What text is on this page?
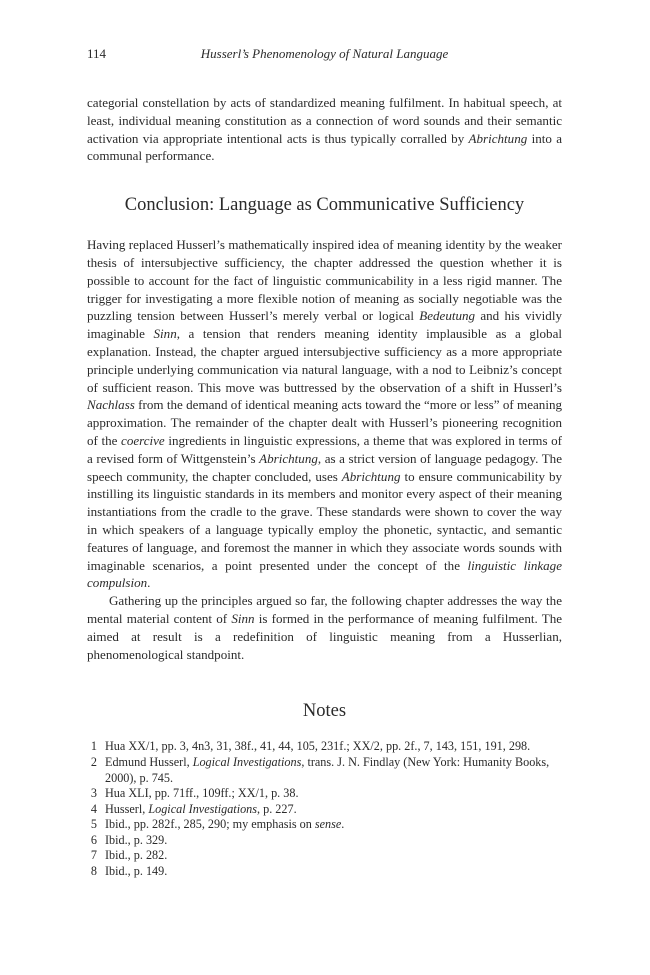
114	Husserl’s Phenomenology of Natural Language

categorial constellation by acts of standardized meaning fulfilment. In habitual speech, at least, individual meaning constitution as a connection of word sounds and their semantic activation via appropriate intentional acts is thus typically corralled by Abrichtung into a communal performance.

Conclusion: Language as Communicative Sufficiency

Having replaced Husserl’s mathematically inspired idea of meaning identity by the weaker thesis of intersubjective sufficiency, the chapter addressed the question whether it is possible to account for the fact of linguistic communicability in a less rigid manner. The trigger for investigating a more flexible notion of meaning as socially negotiable was the puzzling tension between Husserl’s merely verbal or logical Bedeutung and his vividly imaginable Sinn, a tension that renders meaning identity implausible as a global explanation. Instead, the chapter argued intersubjective sufficiency as a more appropriate principle underlying communication via natural language, with a nod to Leibniz’s concept of sufficient reason. This move was buttressed by the observation of a shift in Husserl’s Nachlass from the demand of identical meaning acts toward the “more or less” of meaning approximation. The remainder of the chapter dealt with Husserl’s pioneering recognition of the coercive ingredients in linguistic expressions, a theme that was explored in terms of a revised form of Wittgenstein’s Abrichtung, as a strict version of language pedagogy. The speech community, the chapter concluded, uses Abrichtung to ensure communicability by instilling its linguistic standards in its members and monitor every aspect of their meaning instantiations from the cradle to the grave. These standards were shown to cover the way in which speakers of a language typically employ the phonetic, syntactic, and semantic features of language, and foremost the manner in which they associate words sounds with imaginable scenarios, a point presented under the concept of the linguistic linkage compulsion.

Gathering up the principles argued so far, the following chapter addresses the way the mental material content of Sinn is formed in the performance of meaning fulfilment. The aimed at result is a redefinition of linguistic meaning from a Husserlian, phenomenological standpoint.

Notes
1 Hua XX/1, pp. 3, 4n3, 31, 38f., 41, 44, 105, 231f.; XX/2, pp. 2f., 7, 143, 151, 191, 298.
2 Edmund Husserl, Logical Investigations, trans. J. N. Findlay (New York: Humanity Books, 2000), p. 745.
3 Hua XLI, pp. 71ff., 109ff.; XX/1, p. 38.
4 Husserl, Logical Investigations, p. 227.
5 Ibid., pp. 282f., 285, 290; my emphasis on sense.
6 Ibid., p. 329.
7 Ibid., p. 282.
8 Ibid., p. 149.
